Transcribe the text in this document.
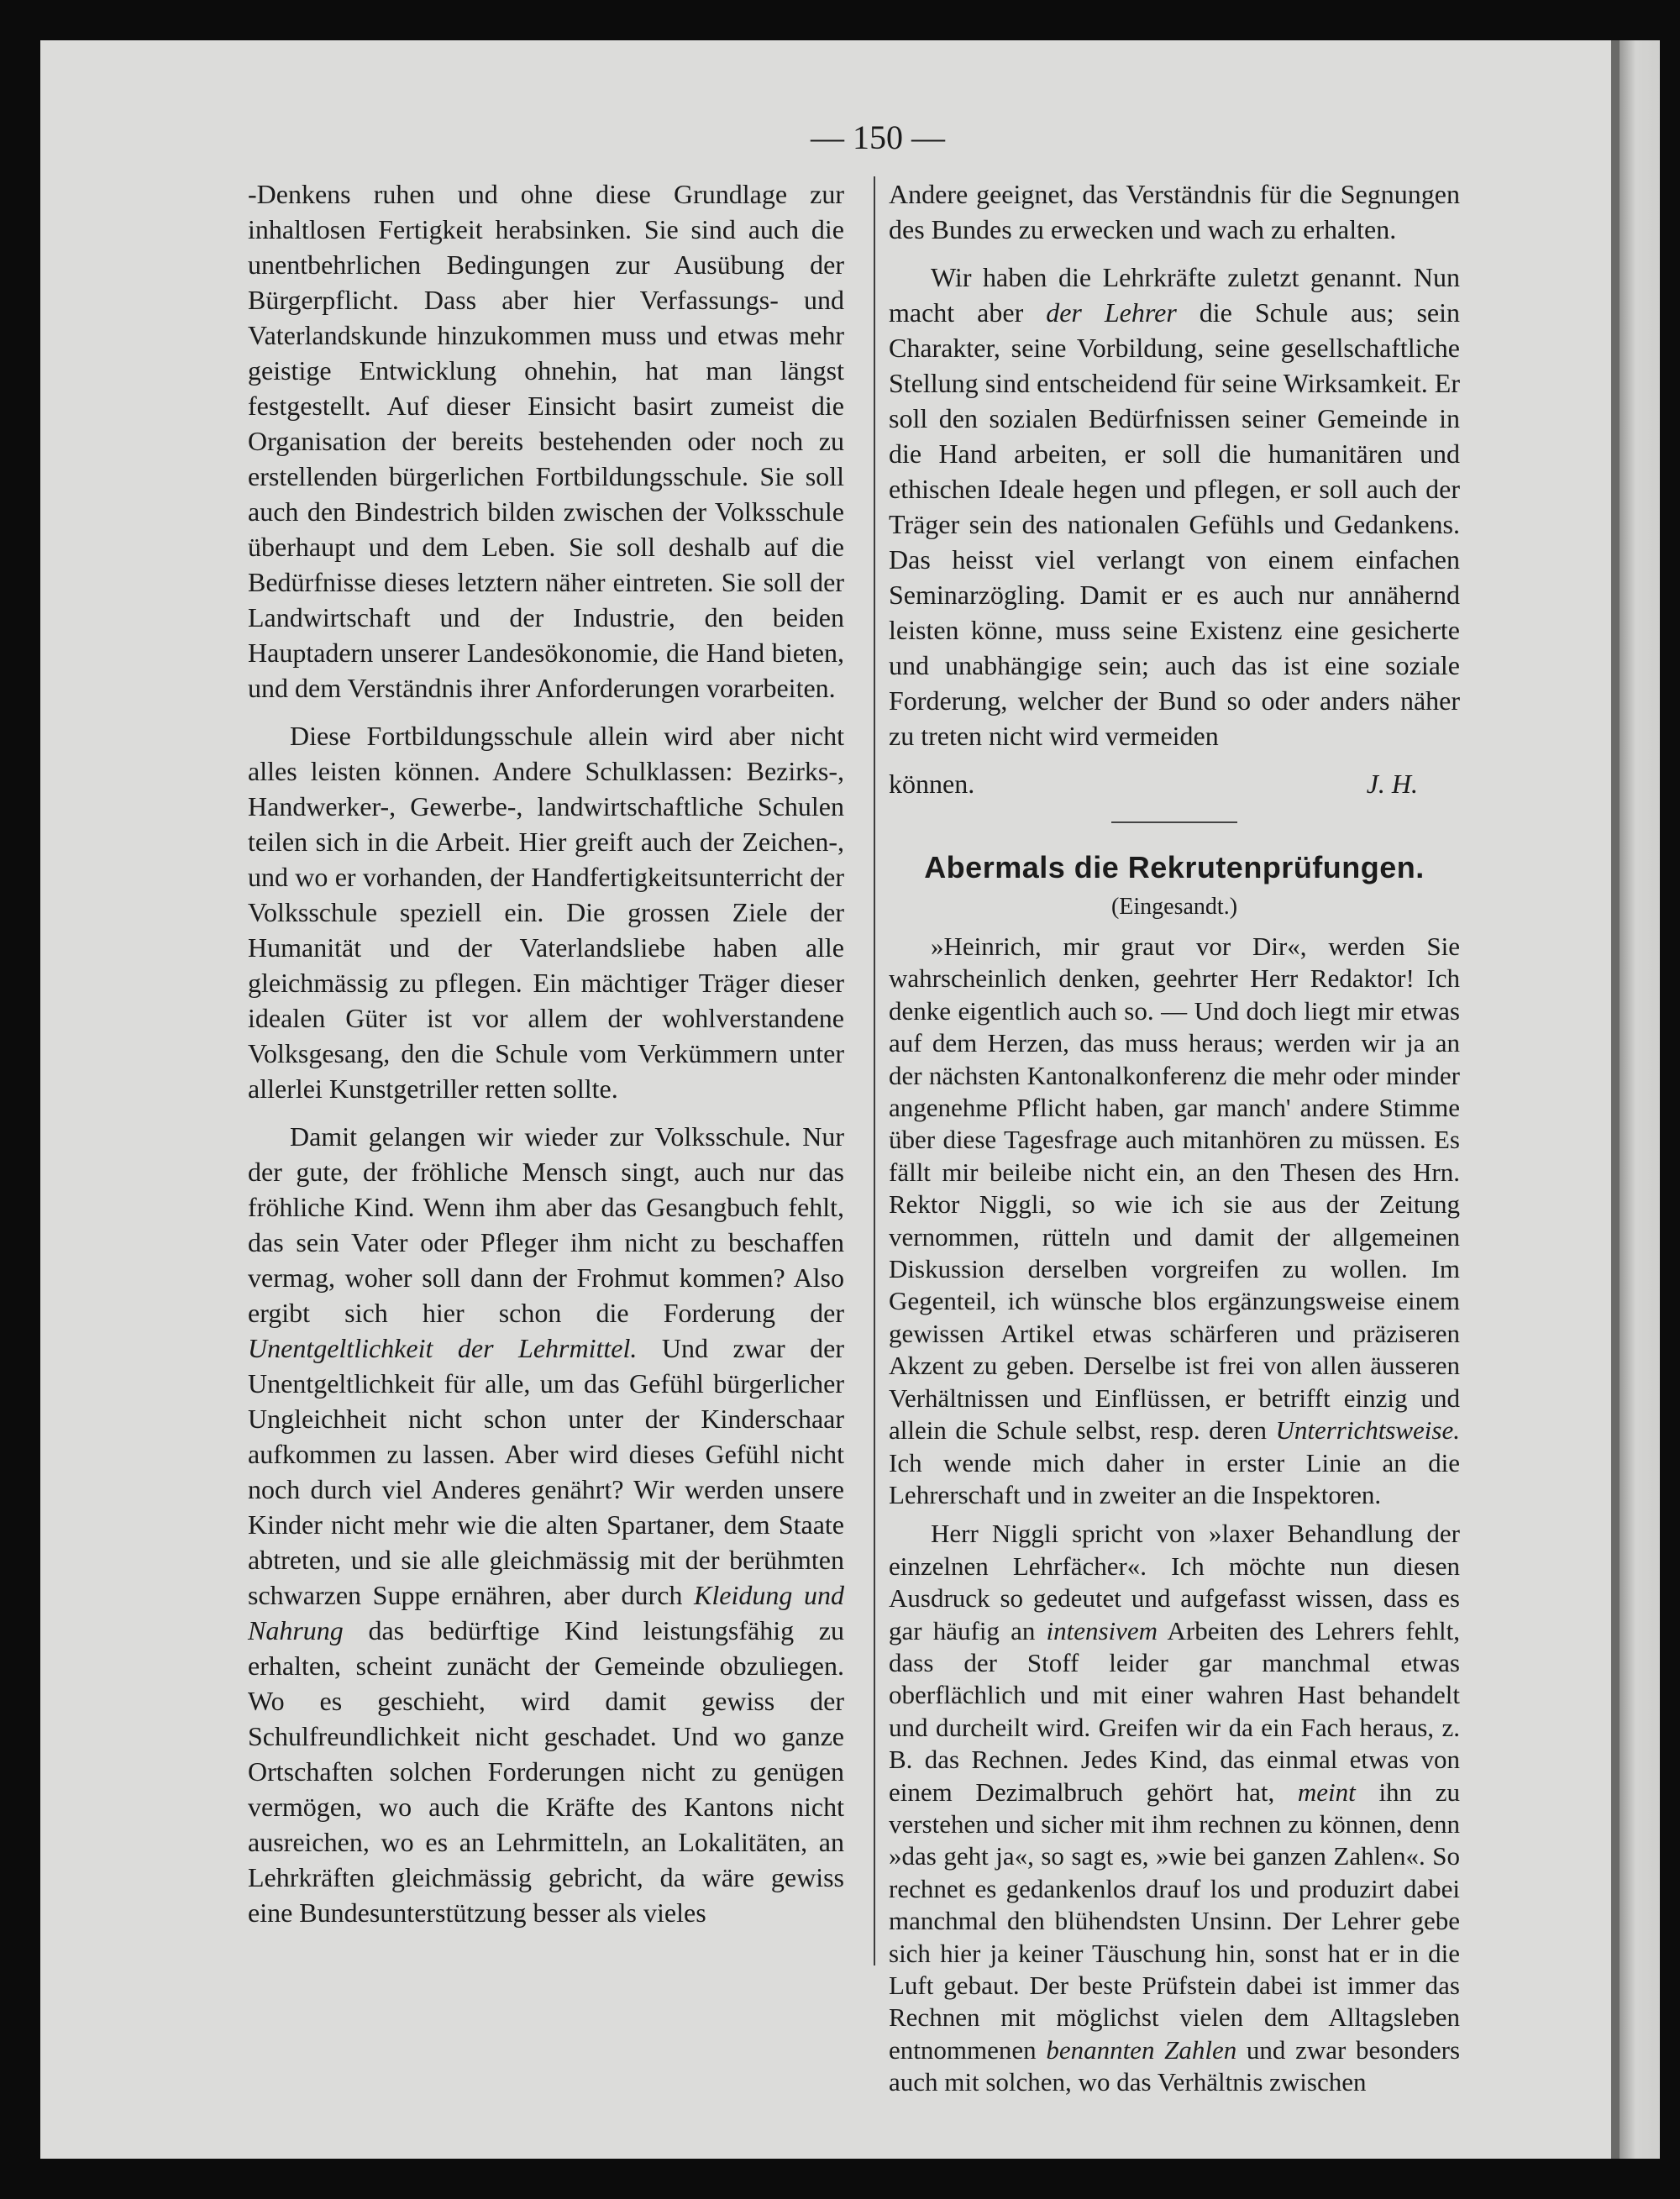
— 150 —

-Denkens ruhen und ohne diese Grundlage zur inhaltlosen Fertigkeit herabsinken. Sie sind auch die unentbehrlichen Bedingungen zur Ausübung der Bürgerpflicht. Dass aber hier Verfassungs- und Vaterlandskunde hinzukommen muss und etwas mehr geistige Entwicklung ohnehin, hat man längst festgestellt. Auf dieser Einsicht basirt zumeist die Organisation der bereits bestehenden oder noch zu erstellenden bürgerlichen Fortbildungsschule. Sie soll auch den Bindestrich bilden zwischen der Volksschule überhaupt und dem Leben. Sie soll deshalb auf die Bedürfnisse dieses letztern näher eintreten. Sie soll der Landwirtschaft und der Industrie, den beiden Hauptadern unserer Landesökonomie, die Hand bieten, und dem Verständnis ihrer Anforderungen vorarbeiten.

Diese Fortbildungsschule allein wird aber nicht alles leisten können. Andere Schulklassen: Bezirks-, Handwerker-, Gewerbe-, landwirtschaftliche Schulen teilen sich in die Arbeit. Hier greift auch der Zeichen-, und wo er vorhanden, der Handfertigkeitsunterricht der Volksschule speziell ein. Die grossen Ziele der Humanität und der Vaterlandsliebe haben alle gleichmässig zu pflegen. Ein mächtiger Träger dieser idealen Güter ist vor allem der wohlverstandene Volksgesang, den die Schule vom Verkümmern unter allerlei Kunstgetriller retten sollte.

Damit gelangen wir wieder zur Volksschule. Nur der gute, der fröhliche Mensch singt, auch nur das fröhliche Kind. Wenn ihm aber das Gesangbuch fehlt, das sein Vater oder Pfleger ihm nicht zu beschaffen vermag, woher soll dann der Frohmut kommen? Also ergibt sich hier schon die Forderung der Unentgeltlichkeit der Lehrmittel. Und zwar der Unentgeltlichkeit für alle, um das Gefühl bürgerlicher Ungleichheit nicht schon unter der Kinderschaar aufkommen zu lassen. Aber wird dieses Gefühl nicht noch durch viel Anderes genährt? Wir werden unsere Kinder nicht mehr wie die alten Spartaner, dem Staate abtreten, und sie alle gleichmässig mit der berühmten schwarzen Suppe ernähren, aber durch Kleidung und Nahrung das bedürftige Kind leistungsfähig zu erhalten, scheint zunächt der Gemeinde obzuliegen. Wo es geschieht, wird damit gewiss der Schulfreundlichkeit nicht geschadet. Und wo ganze Ortschaften solchen Forderungen nicht zu genügen vermögen, wo auch die Kräfte des Kantons nicht ausreichen, wo es an Lehrmitteln, an Lokalitäten, an Lehrkräften gleichmässig gebricht, da wäre gewiss eine Bundesunterstützung besser als vieles

Andere geeignet, das Verständnis für die Segnungen des Bundes zu erwecken und wach zu erhalten.

Wir haben die Lehrkräfte zuletzt genannt. Nun macht aber der Lehrer die Schule aus; sein Charakter, seine Vorbildung, seine gesellschaftliche Stellung sind entscheidend für seine Wirksamkeit. Er soll den sozialen Bedürfnissen seiner Gemeinde in die Hand arbeiten, er soll die humanitären und ethischen Ideale hegen und pflegen, er soll auch der Träger sein des nationalen Gefühls und Gedankens. Das heisst viel verlangt von einem einfachen Seminarzögling. Damit er es auch nur annähernd leisten könne, muss seine Existenz eine gesicherte und unabhängige sein; auch das ist eine soziale Forderung, welcher der Bund so oder anders näher zu treten nicht wird vermeiden

können.	J. H.
Abermals die Rekrutenprüfungen.
(Eingesandt.)

»Heinrich, mir graut vor Dir«, werden Sie wahrscheinlich denken, geehrter Herr Redaktor! Ich denke eigentlich auch so. — Und doch liegt mir etwas auf dem Herzen, das muss heraus; werden wir ja an der nächsten Kantonalkonferenz die mehr oder minder angenehme Pflicht haben, gar manch' andere Stimme über diese Tagesfrage auch mitanhören zu müssen. Es fällt mir beileibe nicht ein, an den Thesen des Hrn. Rektor Niggli, so wie ich sie aus der Zeitung vernommen, rütteln und damit der allgemeinen Diskussion derselben vorgreifen zu wollen. Im Gegenteil, ich wünsche blos ergänzungsweise einem gewissen Artikel etwas schärferen und präziseren Akzent zu geben. Derselbe ist frei von allen äusseren Verhältnissen und Einflüssen, er betrifft einzig und allein die Schule selbst, resp. deren Unterrichtsweise. Ich wende mich daher in erster Linie an die Lehrerschaft und in zweiter an die Inspektoren.

Herr Niggli spricht von »laxer Behandlung der einzelnen Lehrfächer«. Ich möchte nun diesen Ausdruck so gedeutet und aufgefasst wissen, dass es gar häufig an intensivem Arbeiten des Lehrers fehlt, dass der Stoff leider gar manchmal etwas oberflächlich und mit einer wahren Hast behandelt und durcheilt wird. Greifen wir da ein Fach heraus, z. B. das Rechnen. Jedes Kind, das einmal etwas von einem Dezimalbruch gehört hat, meint ihn zu verstehen und sicher mit ihm rechnen zu können, denn »das geht ja«, so sagt es, »wie bei ganzen Zahlen«. So rechnet es gedankenlos drauf los und produzirt dabei manchmal den blühendsten Unsinn. Der Lehrer gebe sich hier ja keiner Täuschung hin, sonst hat er in die Luft gebaut. Der beste Prüfstein dabei ist immer das Rechnen mit möglichst vielen dem Alltagsleben entnommenen benannten Zahlen und zwar besonders auch mit solchen, wo das Verhältnis zwischen
